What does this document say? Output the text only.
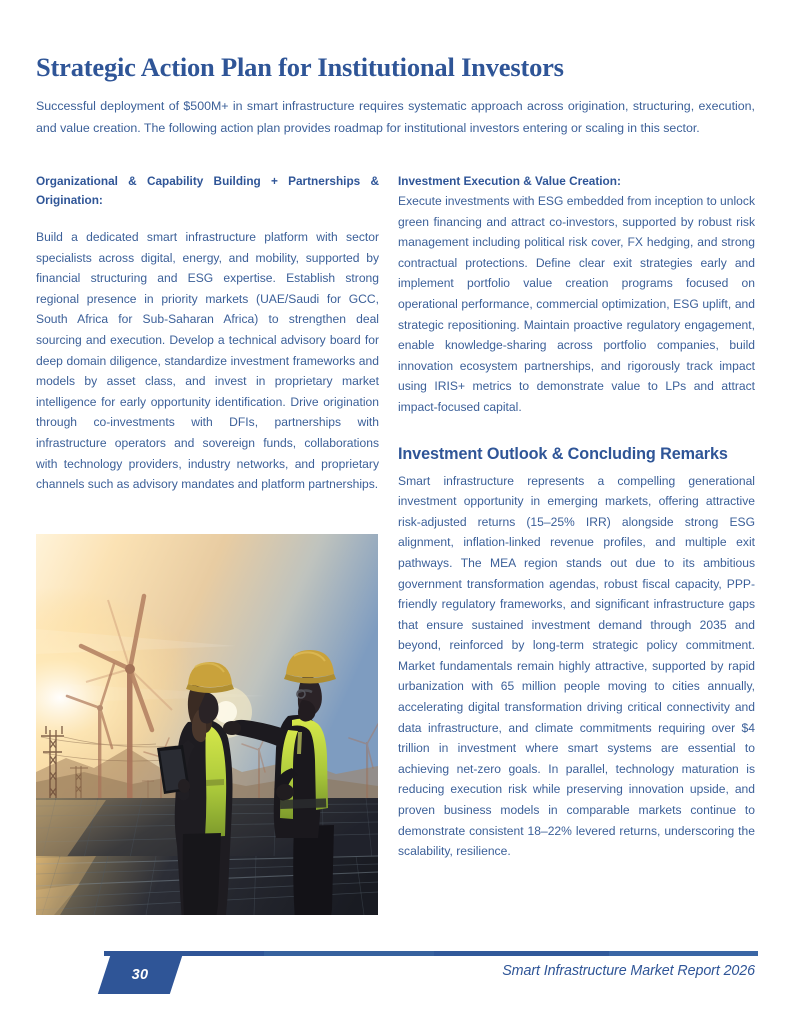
Strategic Action Plan for Institutional Investors

Successful deployment of $500M+ in smart infrastructure requires systematic approach across origination, structuring, execution, and value creation. The following action plan provides roadmap for institutional investors entering or scaling in this sector.

Organizational & Capability Building + Partnerships & Origination:

Build a dedicated smart infrastructure platform with sector specialists across digital, energy, and mobility, supported by financial structuring and ESG expertise. Establish strong regional presence in priority markets (UAE/Saudi for GCC, South Africa for Sub-Saharan Africa) to strengthen deal sourcing and execution. Develop a technical advisory board for deep domain diligence, standardize investment frameworks and models by asset class, and invest in proprietary market intelligence for early opportunity identification. Drive origination through co-investments with DFIs, partnerships with infrastructure operators and sovereign funds, collaborations with technology providers, industry networks, and proprietary channels such as advisory mandates and platform partnerships.

Investment Execution & Value Creation:

Execute investments with ESG embedded from inception to unlock green financing and attract co-investors, supported by robust risk management including political risk cover, FX hedging, and strong contractual protections. Define clear exit strategies early and implement portfolio value creation programs focused on operational performance, commercial optimization, ESG uplift, and strategic repositioning. Maintain proactive regulatory engagement, enable knowledge-sharing across portfolio companies, build innovation ecosystem partnerships, and rigorously track impact using IRIS+ metrics to demonstrate value to LPs and attract impact-focused capital.

Investment Outlook & Concluding Remarks

Smart infrastructure represents a compelling generational investment opportunity in emerging markets, offering attractive risk-adjusted returns (15–25% IRR) alongside strong ESG alignment, inflation-linked revenue profiles, and multiple exit pathways. The MEA region stands out due to its ambitious government transformation agendas, robust fiscal capacity, PPP-friendly regulatory frameworks, and significant infrastructure gaps that ensure sustained investment demand through 2035 and beyond, reinforced by long-term strategic policy commitment. Market fundamentals remain highly attractive, supported by rapid urbanization with 65 million people moving to cities annually, accelerating digital transformation driving critical connectivity and data infrastructure, and climate commitments requiring over $4 trillion in investment where smart systems are essential to achieving net-zero goals. In parallel, technology maturation is reducing execution risk while preserving innovation upside, and proven business models in comparable markets continue to demonstrate consistent 18–22% levered returns, underscoring the scalability, resilience.

30	Smart Infrastructure Market Report 2026
